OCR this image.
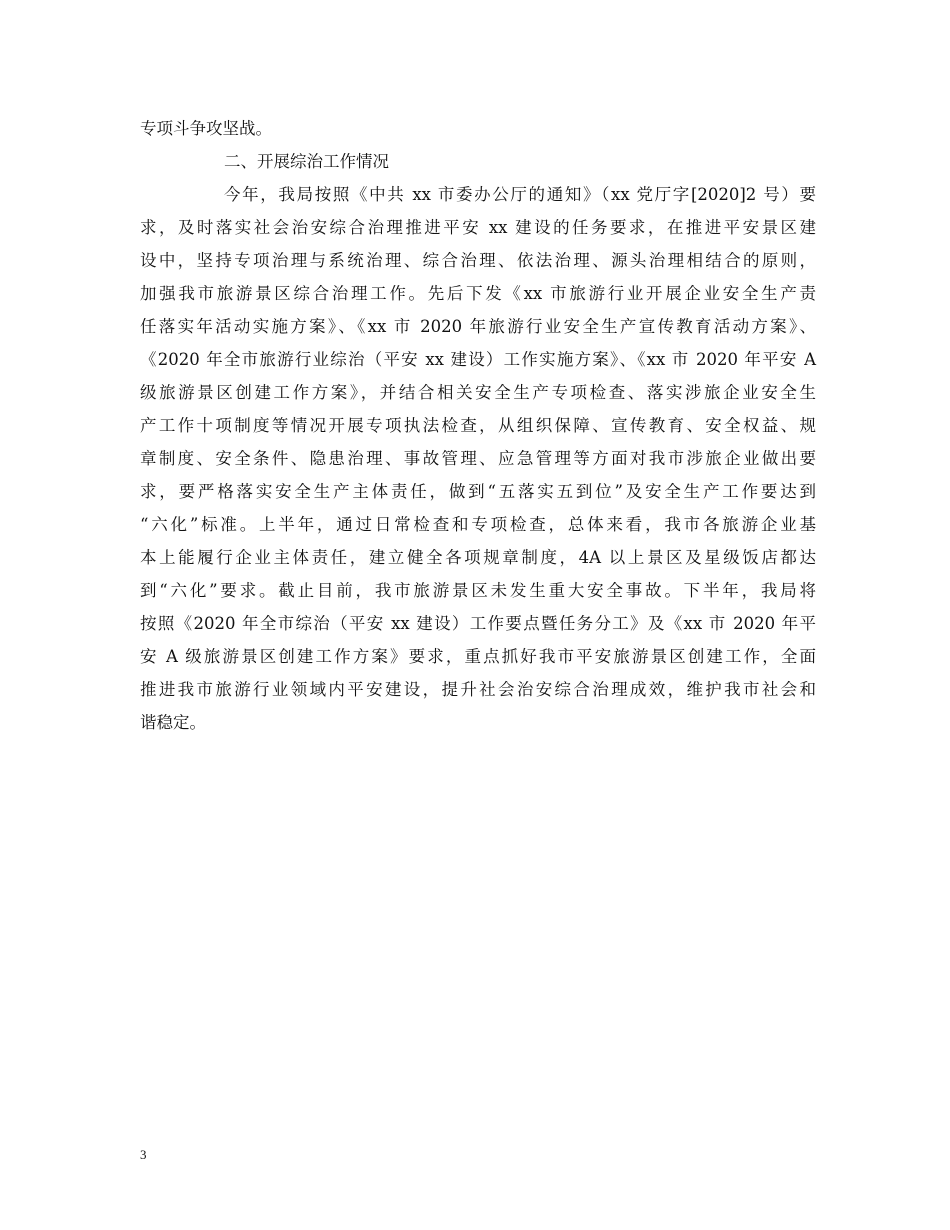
专项斗争攻坚战。
二、开展综治工作情况
今年，我局按照《中共 xx 市委办公厅的通知》（xx 党厅字[2020]2 号）要
求，及时落实社会治安综合治理推进平安 xx 建设的任务要求，在推进平安景区建
设中，坚持专项治理与系统治理、综合治理、依法治理、源头治理相结合的原则，
加强我市旅游景区综合治理工作。先后下发《xx 市旅游行业开展企业安全生产责
任落实年活动实施方案》、《xx 市 2020 年旅游行业安全生产宣传教育活动方案》、
《2020 年全市旅游行业综治（平安 xx 建设）工作实施方案》、《xx 市 2020 年平安 A
级旅游景区创建工作方案》，并结合相关安全生产专项检查、落实涉旅企业安全生
产工作十项制度等情况开展专项执法检查，从组织保障、宣传教育、安全权益、规
章制度、安全条件、隐患治理、事故管理、应急管理等方面对我市涉旅企业做出要
求，要严格落实安全生产主体责任，做到“五落实五到位”及安全生产工作要达到
“六化”标准。上半年，通过日常检查和专项检查，总体来看，我市各旅游企业基
本上能履行企业主体责任，建立健全各项规章制度，4A 以上景区及星级饭店都达
到“六化”要求。截止目前，我市旅游景区未发生重大安全事故。下半年，我局将
按照《2020 年全市综治（平安 xx 建设）工作要点暨任务分工》及《xx 市 2020 年平
安 A 级旅游景区创建工作方案》要求，重点抓好我市平安旅游景区创建工作，全面
推进我市旅游行业领域内平安建设，提升社会治安综合治理成效，维护我市社会和
谐稳定。
3
